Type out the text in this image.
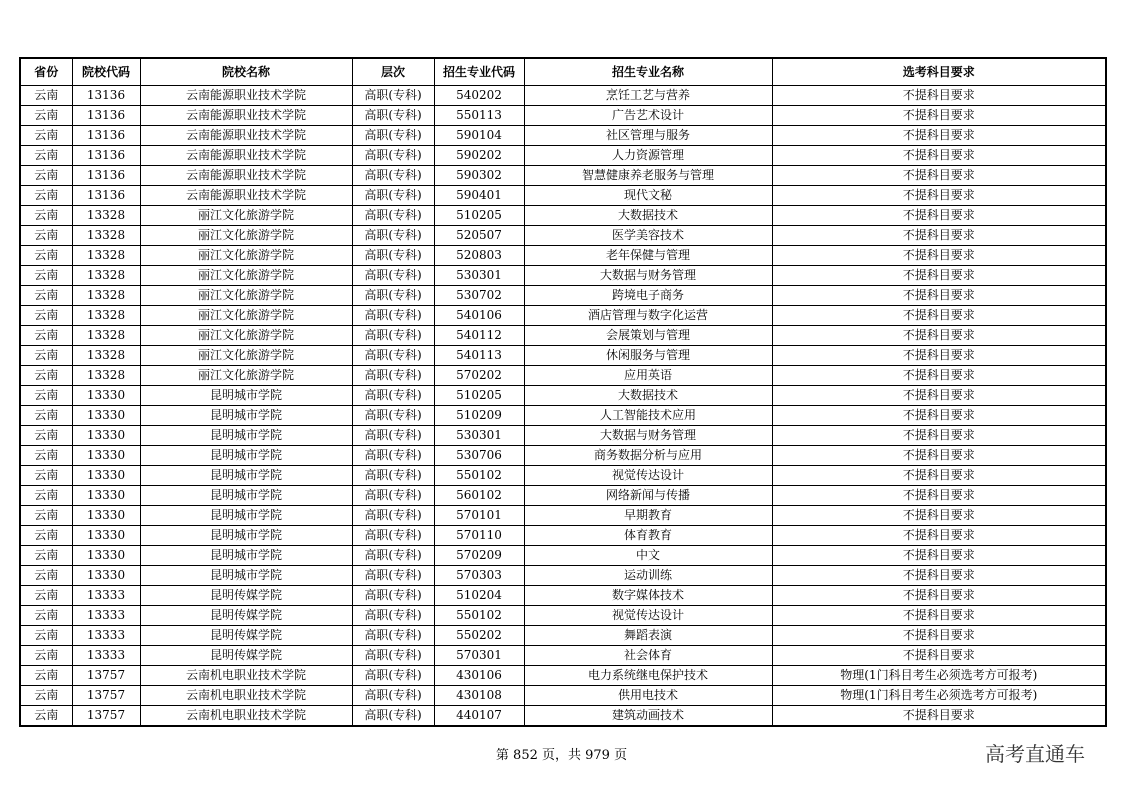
省份	院校代码	院校名称	层次	招生专业代码	招生专业名称	选考科目要求
云南	13136	云南能源职业技术学院	高职(专科)	540202	烹饪工艺与营养	不提科目要求
云南	13136	云南能源职业技术学院	高职(专科)	550113	广告艺术设计	不提科目要求
云南	13136	云南能源职业技术学院	高职(专科)	590104	社区管理与服务	不提科目要求
云南	13136	云南能源职业技术学院	高职(专科)	590202	人力资源管理	不提科目要求
云南	13136	云南能源职业技术学院	高职(专科)	590302	智慧健康养老服务与管理	不提科目要求
云南	13136	云南能源职业技术学院	高职(专科)	590401	现代文秘	不提科目要求
云南	13328	丽江文化旅游学院	高职(专科)	510205	大数据技术	不提科目要求
云南	13328	丽江文化旅游学院	高职(专科)	520507	医学美容技术	不提科目要求
云南	13328	丽江文化旅游学院	高职(专科)	520803	老年保健与管理	不提科目要求
云南	13328	丽江文化旅游学院	高职(专科)	530301	大数据与财务管理	不提科目要求
云南	13328	丽江文化旅游学院	高职(专科)	530702	跨境电子商务	不提科目要求
云南	13328	丽江文化旅游学院	高职(专科)	540106	酒店管理与数字化运营	不提科目要求
云南	13328	丽江文化旅游学院	高职(专科)	540112	会展策划与管理	不提科目要求
云南	13328	丽江文化旅游学院	高职(专科)	540113	休闲服务与管理	不提科目要求
云南	13328	丽江文化旅游学院	高职(专科)	570202	应用英语	不提科目要求
云南	13330	昆明城市学院	高职(专科)	510205	大数据技术	不提科目要求
云南	13330	昆明城市学院	高职(专科)	510209	人工智能技术应用	不提科目要求
云南	13330	昆明城市学院	高职(专科)	530301	大数据与财务管理	不提科目要求
云南	13330	昆明城市学院	高职(专科)	530706	商务数据分析与应用	不提科目要求
云南	13330	昆明城市学院	高职(专科)	550102	视觉传达设计	不提科目要求
云南	13330	昆明城市学院	高职(专科)	560102	网络新闻与传播	不提科目要求
云南	13330	昆明城市学院	高职(专科)	570101	早期教育	不提科目要求
云南	13330	昆明城市学院	高职(专科)	570110	体育教育	不提科目要求
云南	13330	昆明城市学院	高职(专科)	570209	中文	不提科目要求
云南	13330	昆明城市学院	高职(专科)	570303	运动训练	不提科目要求
云南	13333	昆明传媒学院	高职(专科)	510204	数字媒体技术	不提科目要求
云南	13333	昆明传媒学院	高职(专科)	550102	视觉传达设计	不提科目要求
云南	13333	昆明传媒学院	高职(专科)	550202	舞蹈表演	不提科目要求
云南	13333	昆明传媒学院	高职(专科)	570301	社会体育	不提科目要求
云南	13757	云南机电职业技术学院	高职(专科)	430106	电力系统继电保护技术	物理(1门科目考生必须选考方可报考)
云南	13757	云南机电职业技术学院	高职(专科)	430108	供用电技术	物理(1门科目考生必须选考方可报考)
云南	13757	云南机电职业技术学院	高职(专科)	440107	建筑动画技术	不提科目要求
第 852 页，共 979 页	高考直通车
